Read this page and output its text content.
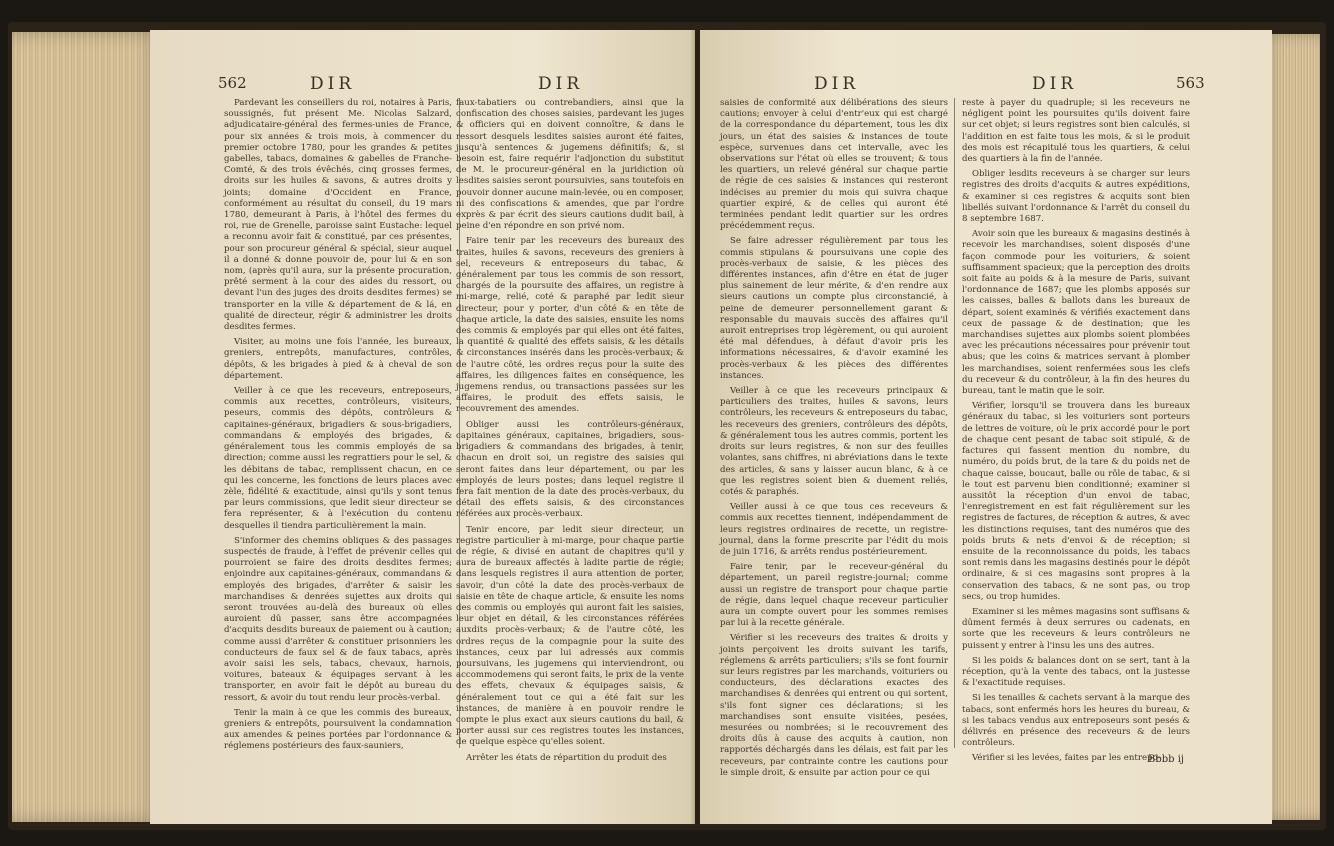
562	DIR	DIR

Pardevant les conseillers du roi, notaires à Paris, soussignés, fut présent Me. Nicolas Salzard, adjudicataire-général des fermes-unies de France, pour six années & trois mois, à commencer du premier octobre 1780, pour les grandes & petites gabelles, tabacs, domaines & gabelles de Franche-Comté, & des trois évêchés, cinq grosses fermes, droits sur les huiles & savons, & autres droits y joints; domaine d'Occident en France, conformément au résultat du conseil, du 19 mars 1780, demeurant à Paris, à l'hôtel des fermes du roi, rue de Grenelle, paroisse saint Eustache: lequel a reconnu avoir fait & constitué, par ces présentes, pour son procureur général & spécial, sieur auquel il a donné & donne pouvoir de, pour lui & en son nom, (après qu'il aura, sur la présente procuration, prêté serment à la cour des aides du ressort, ou devant l'un des juges des droits desdites fermes) se transporter en la ville & département de & lá, en qualité de directeur, régir & administrer les droits desdites fermes.

Visiter, au moins une fois l'année, les bureaux, greniers, entrepôts, manufactures, contrôles, dépôts, & les brigades à pied & à cheval de son département.

Veiller à ce que les receveurs, entreposeurs, commis aux recettes, contrôleurs, visiteurs, peseurs, commis des dépôts, contrôleurs & capitaines-généraux, brigadiers & sous-brigadiers, commandans & employés des brigades, & généralement tous les commis employés de sa direction; comme aussi les regrattiers pour le sel, & les débitans de tabac, remplissent chacun, en ce qui les concerne, les fonctions de leurs places avec zèle, fidélité & exactitude, ainsi qu'ils y sont tenus par leurs commissions, que ledit sieur directeur se fera représenter, & à l'exécution du contenu desquelles il tiendra particulièrement la main.

S'informer des chemins obliques & des passages suspectés de fraude, à l'effet de prévenir celles qui pourroient se faire des droits desdites fermes; enjoindre aux capitaines-généraux, commandans & employés des brigades, d'arrêter & saisir les marchandises & denrées sujettes aux droits qui seront trouvées au-delà des bureaux où elles auroient dû passer, sans être accompagnées d'acquits desdits bureaux de paiement ou à caution; comme aussi d'arrêter & constituer prisonniers les conducteurs de faux sel & de faux tabacs, après avoir saisi les sels, tabacs, chevaux, harnois, voitures, bateaux & équipages servant à les transporter, en avoir fait le dépôt au bureau du ressort, & avoir du tout rendu leur procès-verbal.

Tenir la main à ce que les commis des bureaux, greniers & entrepôts, poursuivent la condamnation aux amendes & peines portées par l'ordonnance & réglemens postérieurs des faux-sauniers,

faux-tabatiers ou contrebandiers, ainsi que la confiscation des choses saisies, pardevant les juges & officiers qui en doivent connoître, & dans le ressort desquels lesdites saisies auront été faites, jusqu'à sentences & jugemens définitifs; &, si besoin est, faire requérir l'adjonction du substitut de M. le procureur-général en la juridiction où lesdites saisies seront poursuivies, sans toutefois en pouvoir donner aucune main-levée, ou en composer, ni des confiscations & amendes, que par l'ordre exprès & par écrit des sieurs cautions dudit bail, à peine d'en répondre en son privé nom.

Faire tenir par les receveurs des bureaux des traites, huiles & savons, receveurs des greniers à sel, receveurs & entreposeurs du tabac, & généralement par tous les commis de son ressort, chargés de la poursuite des affaires, un registre à mi-marge, relié, coté & paraphé par ledit sieur directeur, pour y porter, d'un côté & en tête de chaque article, la date des saisies, ensuite les noms des commis & employés par qui elles ont été faites, la quantité & qualité des effets saisis, & les détails & circonstances insérés dans les procès-verbaux; & de l'autre côté, les ordres reçus pour la suite des affaires, les diligences faites en conséquence, les jugemens rendus, ou transactions passées sur les affaires, le produit des effets saisis, le recouvrement des amendes.

Obliger aussi les contrôleurs-généraux, capitaines généraux, capitaines, brigadiers, sous-brigadiers & commandans des brigades, à tenir, chacun en droit soi, un registre des saisies qui seront faites dans leur département, ou par les employés de leurs postes; dans lequel registre il fera fait mention de la date des procès-verbaux, du détail des effets saisis, & des circonstances référées aux procès-verbaux.

Tenir encore, par ledit sieur directeur, un registre particulier à mi-marge, pour chaque partie de régie, & divisé en autant de chapitres qu'il y aura de bureaux affectés à ladite partie de régie; dans lesquels registres il aura attention de porter, savoir, d'un côté la date des procès-verbaux de saisie en tête de chaque article, & ensuite les noms des commis ou employés qui auront fait les saisies, leur objet en détail, & les circonstances référées auxdits procès-verbaux; & de l'autre côté, les ordres reçus de la compagnie pour la suite des instances, ceux par lui adressés aux commis poursuivans, les jugemens qui interviendront, ou accommodemens qui seront faits, le prix de la vente des effets, chevaux & équipages saisis, & généralement tout ce qui a été fait sur les instances, de manière à en pouvoir rendre le compte le plus exact aux sieurs cautions du bail, & porter aussi sur ces registres toutes les instances, de quelque espèce qu'elles soient.

Arrêter les états de répartition du produit des

DIR	DIR	563

saisies de conformité aux délibérations des sieurs cautions; envoyer à celui d'entr'eux qui est chargé de la correspondance du département, tous les dix jours, un état des saisies & instances de toute espèce, survenues dans cet intervalle, avec les observations sur l'état où elles se trouvent; & tous les quartiers, un relevé général sur chaque partie de régie de ces saisies & instances qui resteront indécises au premier du mois qui suivra chaque quartier expiré, & de celles qui auront été terminées pendant ledit quartier sur les ordres précédemment reçus.

Se faire adresser régulièrement par tous les commis stipulans & poursuivans une copie des procès-verbaux de saisie, & les pièces des différentes instances, afin d'être en état de juger plus sainement de leur mérite, & d'en rendre aux sieurs cautions un compte plus circonstancié, à peine de demeurer personnellement garant & responsable du mauvais succès des affaires qu'il auroit entreprises trop légèrement, ou qui auroient été mal défendues, à défaut d'avoir pris les informations nécessaires, & d'avoir examiné les procès-verbaux & les pièces des différentes instances.

Veiller à ce que les receveurs principaux & particuliers des traites, huiles & savons, leurs contrôleurs, les receveurs & entreposeurs du tabac, les receveurs des greniers, contrôleurs des dépôts, & généralement tous les autres commis, portent les droits sur leurs registres, & non sur des feuilles volantes, sans chiffres, ni abréviations dans le texte des articles, & sans y laisser aucun blanc, & à ce que les registres soient bien & duement reliés, cotés & paraphés.

Veiller aussi à ce que tous ces receveurs & commis aux recettes tiennent, indépendamment de leurs registres ordinaires de recette, un registre-journal, dans la forme prescrite par l'édit du mois de juin 1716, & arrêts rendus postérieurement.

Faire tenir, par le receveur-général du département, un pareil registre-journal; comme aussi un registre de transport pour chaque partie de régie, dans lequel chaque receveur particulier aura un compte ouvert pour les sommes remises par lui à la recette générale.

Vérifier si les receveurs des traites & droits y joints perçoivent les droits suivant les tarifs, réglemens & arrêts particuliers; s'ils se font fournir sur leurs registres par les marchands, voituriers ou conducteurs, des déclarations exactes des marchandises & denrées qui entrent ou qui sortent, s'ils font signer ces déclarations; si les marchandises sont ensuite visitées, pesées, mesurées ou nombrées; si le recouvrement des droits dûs à cause des acquits à caution, non rapportés déchargés dans les délais, est fait par les receveurs, par contrainte contre les cautions pour le simple droit, & ensuite par action pour ce qui

reste à payer du quadruple; si les receveurs ne négligent point les poursuites qu'ils doivent faire sur cet objet; si leurs registres sont bien calculés, si l'addition en est faite tous les mois, & si le produit des mois est récapitulé tous les quartiers, & celui des quartiers à la fin de l'année.

Obliger lesdits receveurs à se charger sur leurs registres des droits d'acquits & autres expéditions, & examiner si ces registres & acquits sont bien libellés suivant l'ordonnance & l'arrêt du conseil du 8 septembre 1687.

Avoir soin que les bureaux & magasins destinés à recevoir les marchandises, soient disposés d'une façon commode pour les voituriers, & soient suffisamment spacieux; que la perception des droits soit faite au poids & à la mesure de Paris, suivant l'ordonnance de 1687; que les plombs apposés sur les caisses, balles & ballots dans les bureaux de départ, soient examinés & vérifiés exactement dans ceux de passage & de destination; que les marchandises sujettes aux plombs soient plombées avec les précautions nécessaires pour prévenir tout abus; que les coins & matrices servant à plomber les marchandises, soient renfermées sous les clefs du receveur & du contrôleur, à la fin des heures du bureau, tant le matin que le soir.

Vérifier, lorsqu'il se trouvera dans les bureaux généraux du tabac, si les voituriers sont porteurs de lettres de voiture, où le prix accordé pour le port de chaque cent pesant de tabac soit stipulé, & de factures qui fassent mention du nombre, du numéro, du poids brut, de la tare & du poids net de chaque caisse, boucaut, balle ou rôle de tabac, & si le tout est parvenu bien conditionné; examiner si aussitôt la réception d'un envoi de tabac, l'enregistrement en est fait régulièrement sur les registres de factures, de réception & autres, & avec les distinctions requises, tant des numéros que des poids bruts & nets d'envoi & de réception; si ensuite de la reconnoissance du poids, les tabacs sont remis dans les magasins destinés pour le dépôt ordinaire, & si ces magasins sont propres à la conservation des tabacs, & ne sont pas, ou trop secs, ou trop humides.

Examiner si les mêmes magasins sont suffisans & dûment fermés à deux serrures ou cadenats, en sorte que les receveurs & leurs contrôleurs ne puissent y entrer à l'insu les uns des autres.

Si les poids & balances dont on se sert, tant à la réception, qu'à la vente des tabacs, ont la justesse & l'exactitude requises.

Si les tenailles & cachets servant à la marque des tabacs, sont enfermés hors les heures du bureau, & si les tabacs vendus aux entreposeurs sont pesés & délivrés en présence des receveurs & de leurs contrôleurs.

Vérifier si les levées, faites par les entrepo-

Bbbb ij
